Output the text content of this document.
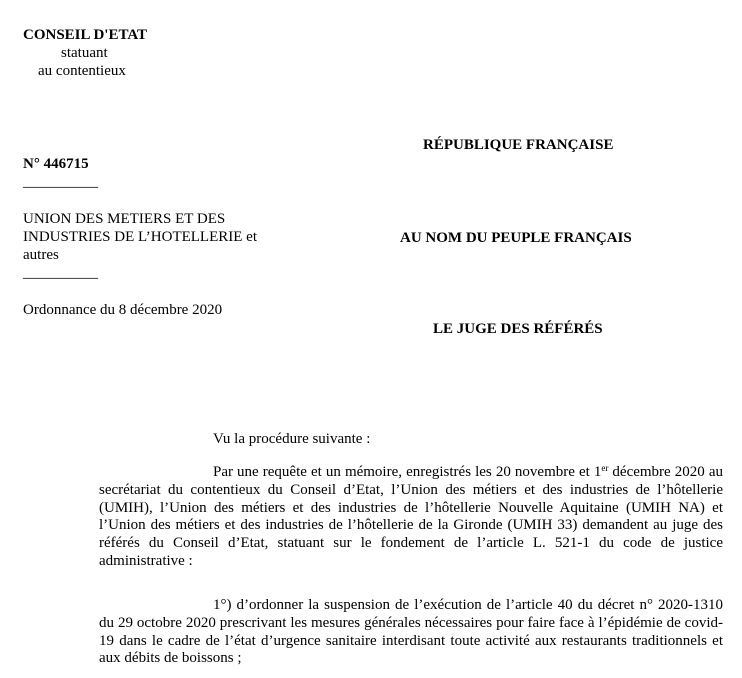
CONSEIL D'ETAT
statuant
au contentieux
N° 446715
__________
UNION DES METIERS ET DES
INDUSTRIES DE L’HOTELLERIE et
autres
__________
Ordonnance du 8 décembre 2020
RÉPUBLIQUE FRANÇAISE
AU NOM DU PEUPLE FRANÇAIS
LE JUGE DES RÉFÉRÉS
Vu la procédure suivante :
Par une requête et un mémoire, enregistrés les 20 novembre et 1er décembre 2020 au secrétariat du contentieux du Conseil d’Etat, l’Union des métiers et des industries de l’hôtellerie (UMIH), l’Union des métiers et des industries de l’hôtellerie Nouvelle Aquitaine (UMIH NA) et l’Union des métiers et des industries de l’hôtellerie de la Gironde (UMIH 33) demandent au juge des référés du Conseil d’Etat, statuant sur le fondement de l’article L. 521-1 du code de justice administrative :
1°) d’ordonner la suspension de l’exécution de l’article 40 du décret n° 2020-1310 du 29 octobre 2020 prescrivant les mesures générales nécessaires pour faire face à l’épidémie de covid-19 dans le cadre de l’état d’urgence sanitaire interdisant toute activité aux restaurants traditionnels et aux débits de boissons ;
